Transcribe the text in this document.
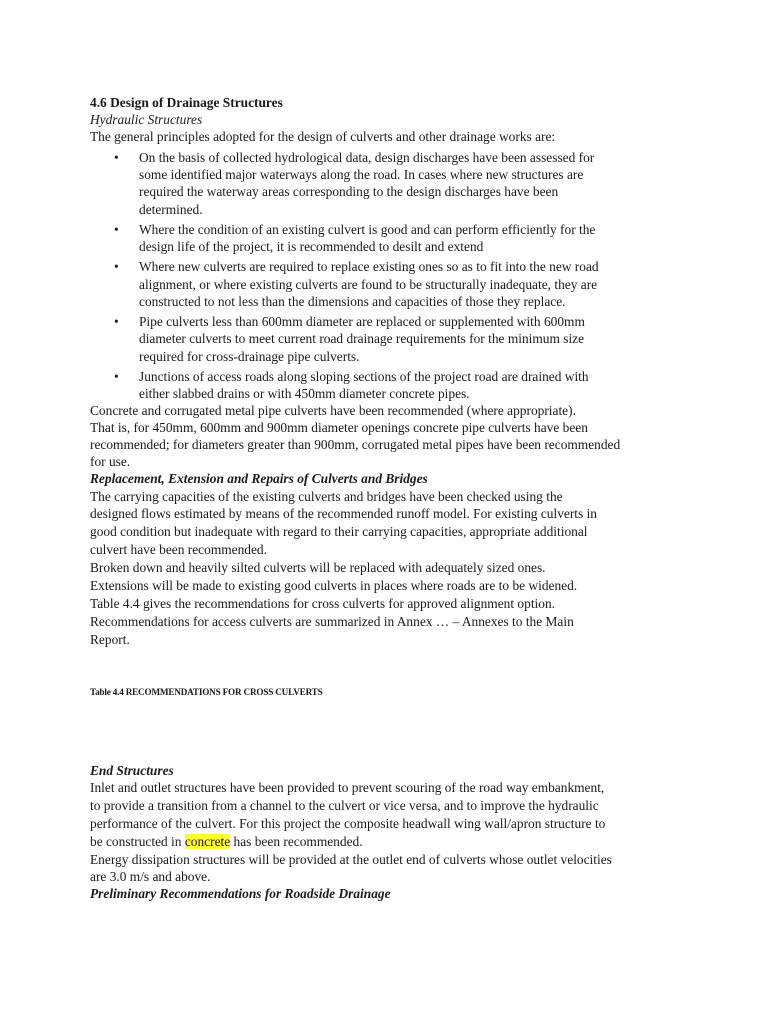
4.6 Design of Drainage Structures

Hydraulic Structures

The general principles adopted for the design of culverts and other drainage works are:

• On the basis of collected hydrological data, design discharges have been assessed for

some identified major waterways along the road. In cases where new structures are

required the waterway areas corresponding to the design discharges have been

determined.

• Where the condition of an existing culvert is good and can perform efficiently for the

design life of the project, it is recommended to desilt and extend

• Where new culverts are required to replace existing ones so as to fit into the new road

alignment, or where existing culverts are found to be structurally inadequate, they are

constructed to not less than the dimensions and capacities of those they replace.

• Pipe culverts less than 600mm diameter are replaced or supplemented with 600mm

diameter culverts to meet current road drainage requirements for the minimum size

required for cross-drainage pipe culverts.

• Junctions of access roads along sloping sections of the project road are drained with

either slabbed drains or with 450mm diameter concrete pipes.

Concrete and corrugated metal pipe culverts have been recommended (where appropriate).

That is, for 450mm, 600mm and 900mm diameter openings concrete pipe culverts have been

recommended; for diameters greater than 900mm, corrugated metal pipes have been recommended

for use.

Replacement, Extension and Repairs of Culverts and Bridges

The carrying capacities of the existing culverts and bridges have been checked using the

designed flows estimated by means of the recommended runoff model. For existing culverts in

good condition but inadequate with regard to their carrying capacities, appropriate additional

culvert have been recommended.

Broken down and heavily silted culverts will be replaced with adequately sized ones.

Extensions will be made to existing good culverts in places where roads are to be widened.

Table 4.4 gives the recommendations for cross culverts for approved alignment option.

Recommendations for access culverts are summarized in Annex … – Annexes to the Main

Report.

Table 4.4 RECOMMENDATIONS FOR CROSS CULVERTS

End Structures

Inlet and outlet structures have been provided to prevent scouring of the road way embankment,

to provide a transition from a channel to the culvert or vice versa, and to improve the hydraulic

performance of the culvert. For this project the composite headwall wing wall/apron structure to

be constructed in concrete has been recommended.

Energy dissipation structures will be provided at the outlet end of culverts whose outlet velocities

are 3.0 m/s and above.

Preliminary Recommendations for Roadside Drainage
